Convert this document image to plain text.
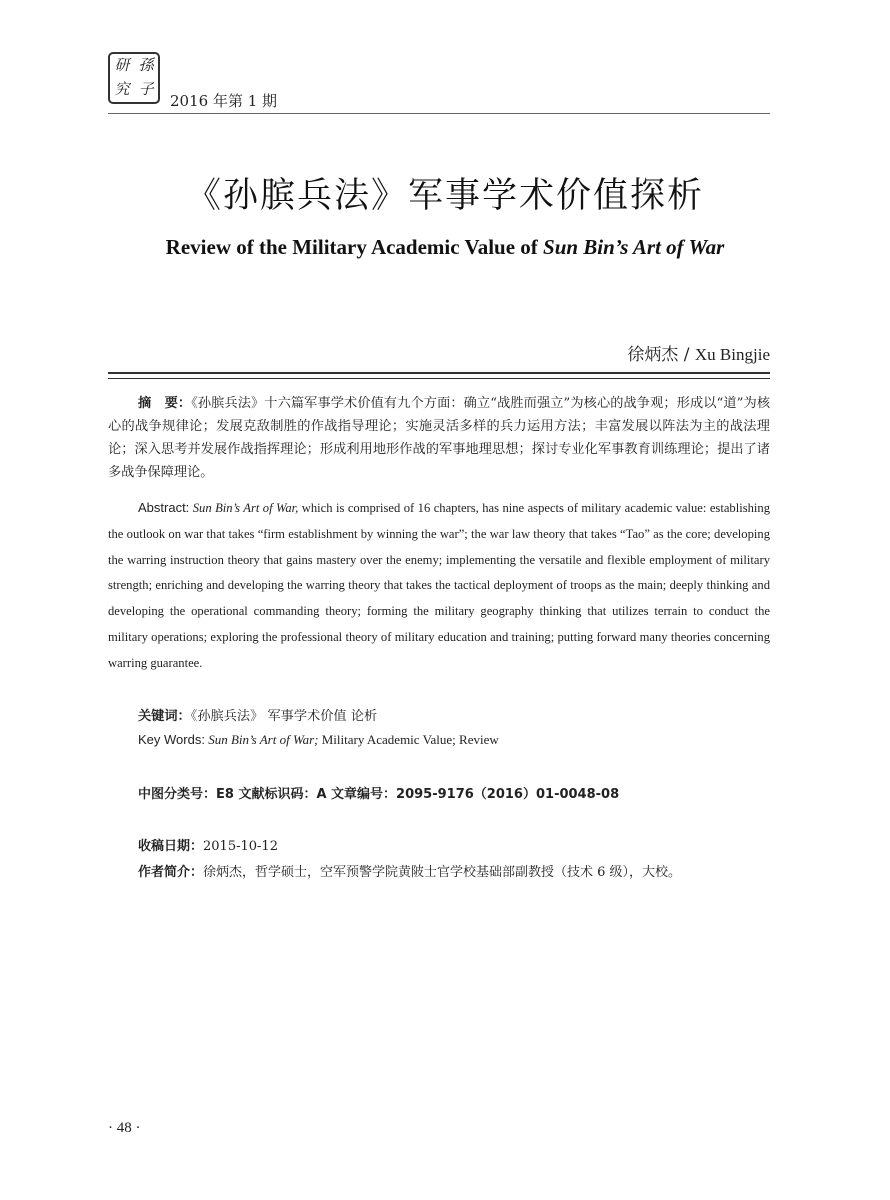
研 孫
究 子
2016 年第 1 期
《孙膑兵法》军事学术价值探析
Review of the Military Academic Value of Sun Bin’s Art of War
徐炳杰 / Xu Bingjie
摘　要：《孙膑兵法》十六篇军事学术价值有九个方面：确立“战胜而强立”为核心的战争观；形成以“道”为核心的战争规律论；发展克敌制胜的作战指导理论；实施灵活多样的兵力运用方法；丰富发展以阵法为主的战法理论；深入思考并发展作战指挥理论；形成利用地形作战的军事地理思想；探讨专业化军事教育训练理论；提出了诸多战争保障理论。
Abstract: Sun Bin’s Art of War, which is comprised of 16 chapters, has nine aspects of military academic value: establishing the outlook on war that takes “firm establishment by winning the war”; the war law theory that takes “Tao” as the core; developing the warring instruction theory that gains mastery over the enemy; implementing the versatile and flexible employment of military strength; enriching and developing the warring theory that takes the tactical deployment of troops as the main; deeply thinking and developing the operational commanding theory; forming the military geography thinking that utilizes terrain to conduct the military operations; exploring the professional theory of military education and training; putting forward many theories concerning warring guarantee.
关键词：《孙膑兵法》 军事学术价值 论析
Key Words: Sun Bin’s Art of War; Military Academic Value; Review
中图分类号：E8 文献标识码：A 文章编号：2095-9176（2016）01-0048-08
收稿日期：2015-10-12
作者简介：徐炳杰，哲学硕士，空军预警学院黄陂士官学校基础部副教授（技术 6 级），大校。
· 48 ·
